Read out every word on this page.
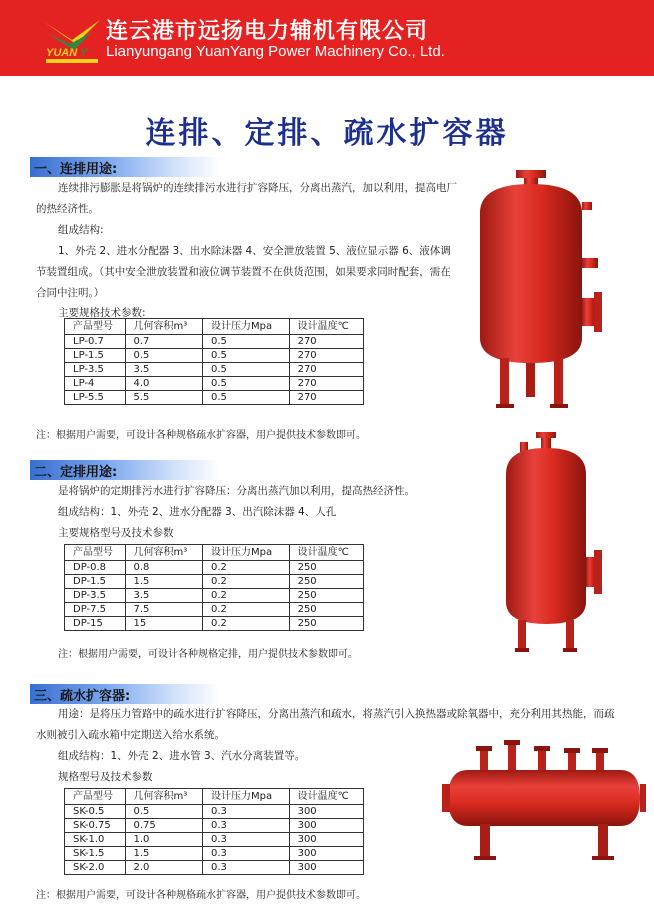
YUAN Y
连云港市远扬电力辅机有限公司
Lianyungang YuanYang Power Machinery Co., Ltd.
连排、定排、疏水扩容器
一、连排用途:
连续排污膨胀是将锅炉的连续排污水进行扩容降压，分离出蒸汽，加以利用，提高电厂
的热经济性。
组成结构:
1、外壳 2、进水分配器 3、出水除沫器 4、安全泄放装置 5、液位显示器 6、液体调
节装置组成。（其中安全泄放装置和液位调节装置不在供货范围，如果要求同时配套，需在
合同中注明。）
主要规格技术参数:
产品型号	几何容积m³	设计压力Mpa	设计温度℃
LP-0.7	0.7	0.5	270
LP-1.5	0.5	0.5	270
LP-3.5	3.5	0.5	270
LP-4	4.0	0.5	270
LP-5.5	5.5	0.5	270
注：根据用户需要，可设计各种规格疏水扩容器，用户提供技术参数即可。
二、定排用途:
是将锅炉的定期排污水进行扩容降压：分离出蒸汽加以利用，提高热经济性。
组成结构：1、外壳 2、进水分配器 3、出汽除沫器 4、人孔
主要规格型号及技术参数
产品型号	几何容积m³	设计压力Mpa	设计温度℃
DP-0.8	0.8	0.2	250
DP-1.5	1.5	0.2	250
DP-3.5	3.5	0.2	250
DP-7.5	7.5	0.2	250
DP-15	15	0.2	250
注：根据用户需要，可设计各种规格定排，用户提供技术参数即可。
三、疏水扩容器:
用途：是将压力管路中的疏水进行扩容降压，分离出蒸汽和疏水，将蒸汽引入换热器或除氧器中，充分利用其热能，而疏
水则被引入疏水箱中定期送入给水系统。
组成结构：1、外壳 2、进水管 3、汽水分离装置等。
规格型号及技术参数
产品型号	几何容积m³	设计压力Mpa	设计温度℃
SK-0.5	0.5	0.3	300
SK-0.75	0.75	0.3	300
SK-1.0	1.0	0.3	300
SK-1.5	1.5	0.3	300
SK-2.0	2.0	0.3	300
注：根据用户需要，可设计各种规格疏水扩容器，用户提供技术参数即可。
